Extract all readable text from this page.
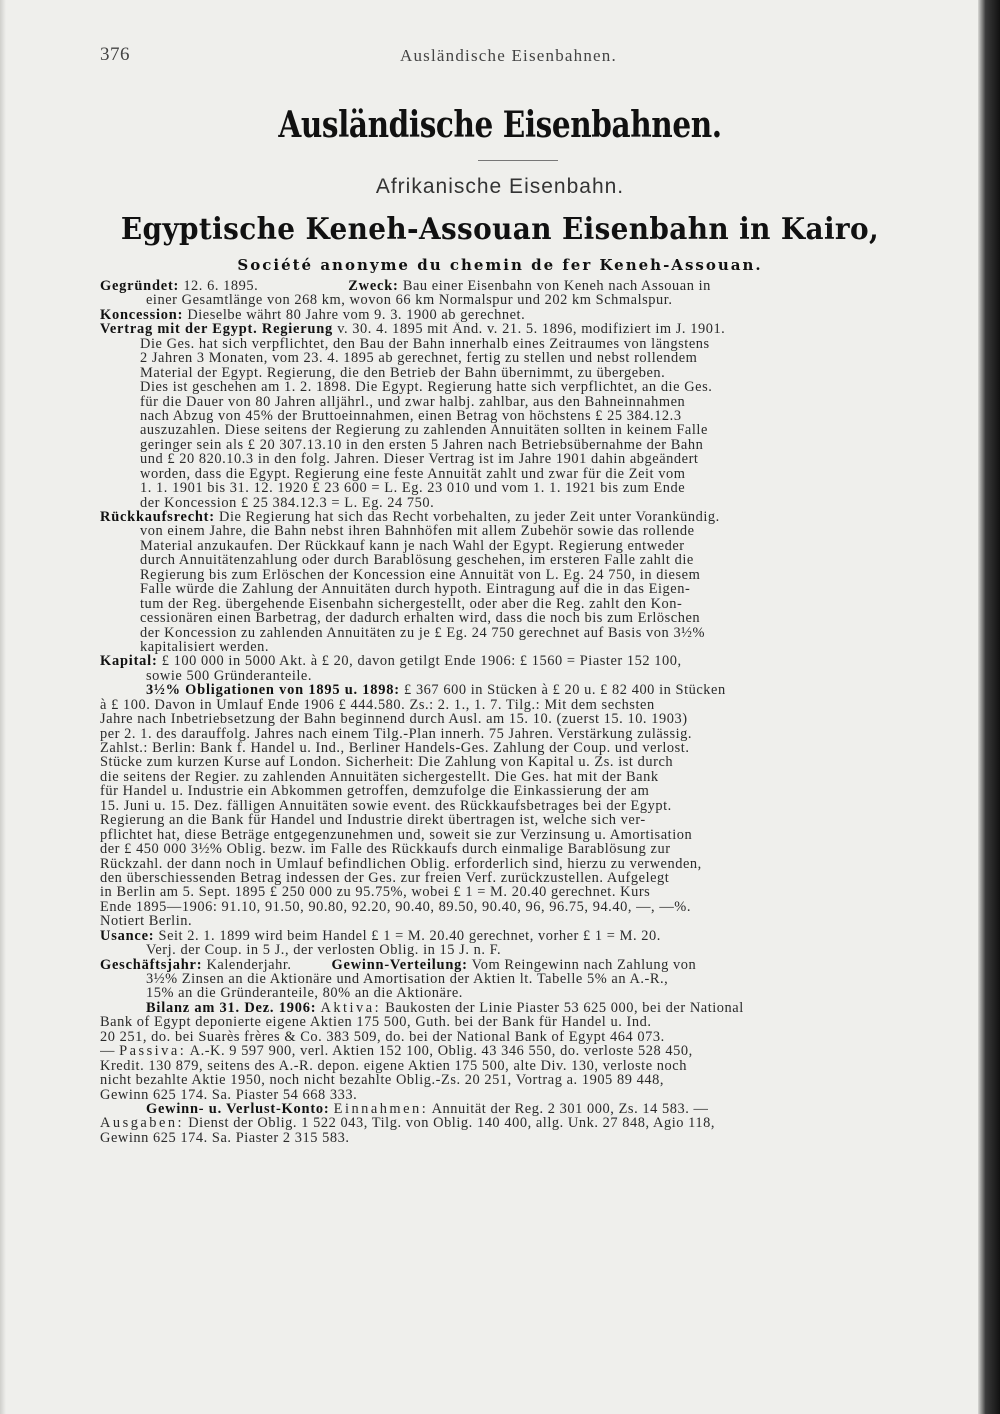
376	Ausländische Eisenbahnen.
Ausländische Eisenbahnen.
Afrikanische Eisenbahn.
Egyptische Keneh-Assouan Eisenbahn in Kairo,
Société anonyme du chemin de fer Keneh-Assouan.
Gegründet: 12. 6. 1895.	Zweck: Bau einer Eisenbahn von Keneh nach Assouan in
einer Gesamtlänge von 268 km, wovon 66 km Normalspur und 202 km Schmalspur.
Koncession: Dieselbe währt 80 Jahre vom 9. 3. 1900 ab gerechnet.
Vertrag mit der Egypt. Regierung v. 30. 4. 1895 mit Änd. v. 21. 5. 1896, modifiziert im J. 1901.
Die Ges. hat sich verpflichtet, den Bau der Bahn innerhalb eines Zeitraumes von längstens
2 Jahren 3 Monaten, vom 23. 4. 1895 ab gerechnet, fertig zu stellen und nebst rollendem
Material der Egypt. Regierung, die den Betrieb der Bahn übernimmt, zu übergeben.
Dies ist geschehen am 1. 2. 1898. Die Egypt. Regierung hatte sich verpflichtet, an die Ges.
für die Dauer von 80 Jahren alljährl., und zwar halbj. zahlbar, aus den Bahneinnahmen
nach Abzug von 45% der Bruttoeinnahmen, einen Betrag von höchstens £ 25 384.12.3
auszuzahlen. Diese seitens der Regierung zu zahlenden Annuitäten sollten in keinem Falle
geringer sein als £ 20 307.13.10 in den ersten 5 Jahren nach Betriebsübernahme der Bahn
und £ 20 820.10.3 in den folg. Jahren. Dieser Vertrag ist im Jahre 1901 dahin abgeändert
worden, dass die Egypt. Regierung eine feste Annuität zahlt und zwar für die Zeit vom
1. 1. 1901 bis 31. 12. 1920 £ 23 600 = L. Eg. 23 010 und vom 1. 1. 1921 bis zum Ende
der Koncession £ 25 384.12.3 = L. Eg. 24 750.
Rückkaufsrecht: Die Regierung hat sich das Recht vorbehalten, zu jeder Zeit unter Vorankündig.
von einem Jahre, die Bahn nebst ihren Bahnhöfen mit allem Zubehör sowie das rollende
Material anzukaufen. Der Rückkauf kann je nach Wahl der Egypt. Regierung entweder
durch Annuitätenzahlung oder durch Barablösung geschehen, im ersteren Falle zahlt die
Regierung bis zum Erlöschen der Koncession eine Annuität von L. Eg. 24 750, in diesem
Falle würde die Zahlung der Annuitäten durch hypoth. Eintragung auf die in das Eigen-
tum der Reg. übergehende Eisenbahn sichergestellt, oder aber die Reg. zahlt den Kon-
cessionären einen Barbetrag, der dadurch erhalten wird, dass die noch bis zum Erlöschen
der Koncession zu zahlenden Annuitäten zu je £ Eg. 24 750 gerechnet auf Basis von 3½%
kapitalisiert werden.
Kapital: £ 100 000 in 5000 Akt. à £ 20, davon getilgt Ende 1906: £ 1560 = Piaster 152 100,
sowie 500 Gründeranteile.
3½% Obligationen von 1895 u. 1898: £ 367 600 in Stücken à £ 20 u. £ 82 400 in Stücken
à £ 100. Davon in Umlauf Ende 1906 £ 444.580. Zs.: 2. 1., 1. 7. Tilg.: Mit dem sechsten
Jahre nach Inbetriebsetzung der Bahn beginnend durch Ausl. am 15. 10. (zuerst 15. 10. 1903)
per 2. 1. des darauffolg. Jahres nach einem Tilg.-Plan innerh. 75 Jahren. Verstärkung zulässig.
Zahlst.: Berlin: Bank f. Handel u. Ind., Berliner Handels-Ges. Zahlung der Coup. und verlost.
Stücke zum kurzen Kurse auf London. Sicherheit: Die Zahlung von Kapital u. Zs. ist durch
die seitens der Regier. zu zahlenden Annuitäten sichergestellt. Die Ges. hat mit der Bank
für Handel u. Industrie ein Abkommen getroffen, demzufolge die Einkassierung der am
15. Juni u. 15. Dez. fälligen Annuitäten sowie event. des Rückkaufsbetrages bei der Egypt.
Regierung an die Bank für Handel und Industrie direkt übertragen ist, welche sich ver-
pflichtet hat, diese Beträge entgegenzunehmen und, soweit sie zur Verzinsung u. Amortisation
der £ 450 000 3½% Oblig. bezw. im Falle des Rückkaufs durch einmalige Barablösung zur
Rückzahl. der dann noch in Umlauf befindlichen Oblig. erforderlich sind, hierzu zu verwenden,
den überschiessenden Betrag indessen der Ges. zur freien Verf. zurückzustellen. Aufgelegt
in Berlin am 5. Sept. 1895 £ 250 000 zu 95.75%, wobei £ 1 = M. 20.40 gerechnet. Kurs
Ende 1895—1906: 91.10, 91.50, 90.80, 92.20, 90.40, 89.50, 90.40, 96, 96.75, 94.40, —, —%.
Notiert Berlin.
Usance: Seit 2. 1. 1899 wird beim Handel £ 1 = M. 20.40 gerechnet, vorher £ 1 = M. 20.
Verj. der Coup. in 5 J., der verlosten Oblig. in 15 J. n. F.
Geschäftsjahr: Kalenderjahr.	Gewinn-Verteilung: Vom Reingewinn nach Zahlung von
3½% Zinsen an die Aktionäre und Amortisation der Aktien lt. Tabelle 5% an A.-R.,
15% an die Gründeranteile, 80% an die Aktionäre.
Bilanz am 31. Dez. 1906: Aktiva: Baukosten der Linie Piaster 53 625 000, bei der National
Bank of Egypt deponierte eigene Aktien 175 500, Guth. bei der Bank für Handel u. Ind.
20 251, do. bei Suarès frères & Co. 383 509, do. bei der National Bank of Egypt 464 073.
— Passiva: A.-K. 9 597 900, verl. Aktien 152 100, Oblig. 43 346 550, do. verloste 528 450,
Kredit. 130 879, seitens des A.-R. depon. eigene Aktien 175 500, alte Div. 130, verloste noch
nicht bezahlte Aktie 1950, noch nicht bezahlte Oblig.-Zs. 20 251, Vortrag a. 1905 89 448,
Gewinn 625 174. Sa. Piaster 54 668 333.
Gewinn- u. Verlust-Konto: Einnahmen: Annuität der Reg. 2 301 000, Zs. 14 583. —
Ausgaben: Dienst der Oblig. 1 522 043, Tilg. von Oblig. 140 400, allg. Unk. 27 848, Agio 118,
Gewinn 625 174. Sa. Piaster 2 315 583.
